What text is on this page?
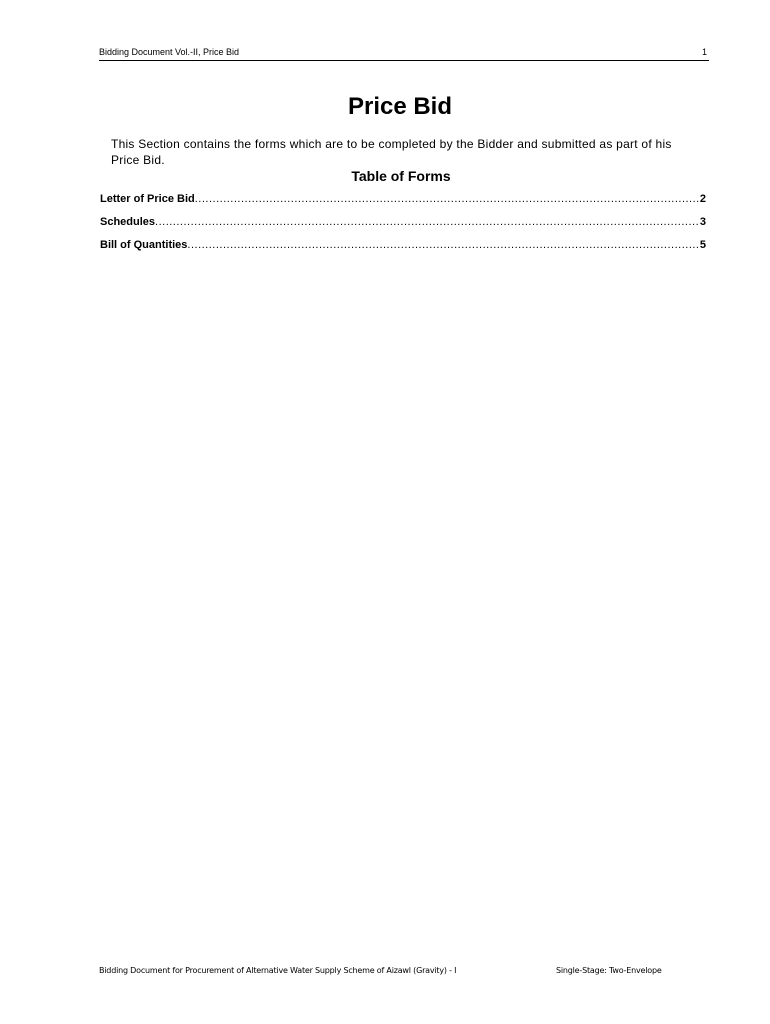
Bidding Document Vol.-II, Price Bid	1
Price Bid
This Section contains the forms which are to be completed by the Bidder and submitted as part of his Price Bid.
Table of Forms
Letter of Price Bid .....	2
Schedules .....	3
Bill of Quantities .....	5
Bidding Document for Procurement of Alternative Water Supply Scheme of Aizawl (Gravity) - I	Single-Stage: Two-Envelope
